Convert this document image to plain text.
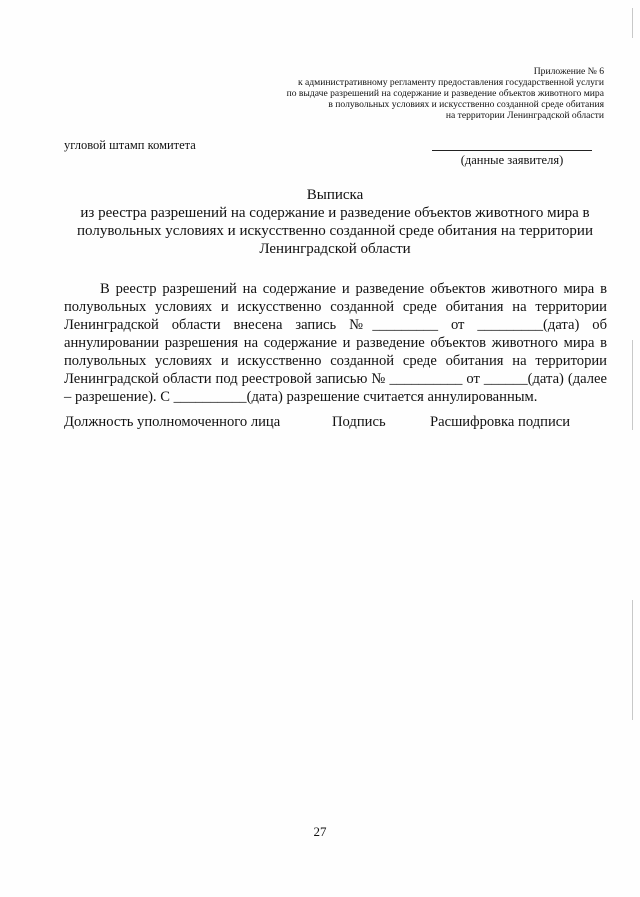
Приложение № 6
к административному регламенту предоставления государственной услуги
по выдаче разрешений на содержание и разведение объектов животного мира
в полувольных условиях и искусственно созданной среде обитания
на территории Ленинградской области
угловой штамп комитета
(данные заявителя)
Выписка
из реестра разрешений на содержание и разведение объектов животного мира в полувольных условиях и искусственно созданной среде обитания на территории Ленинградской области
В реестр разрешений на содержание и разведение объектов животного мира в полувольных условиях и искусственно созданной среде обитания на территории Ленинградской области внесена запись №_________ от _________(дата) об аннулировании разрешения на содержание и разведение объектов животного мира в полувольных условиях и искусственно созданной среде обитания на территории Ленинградской области под реестровой записью № __________ от ______(дата) (далее – разрешение). С __________(дата) разрешение считается аннулированным.
Должность уполномоченного лица	Подпись	Расшифровка подписи
27
